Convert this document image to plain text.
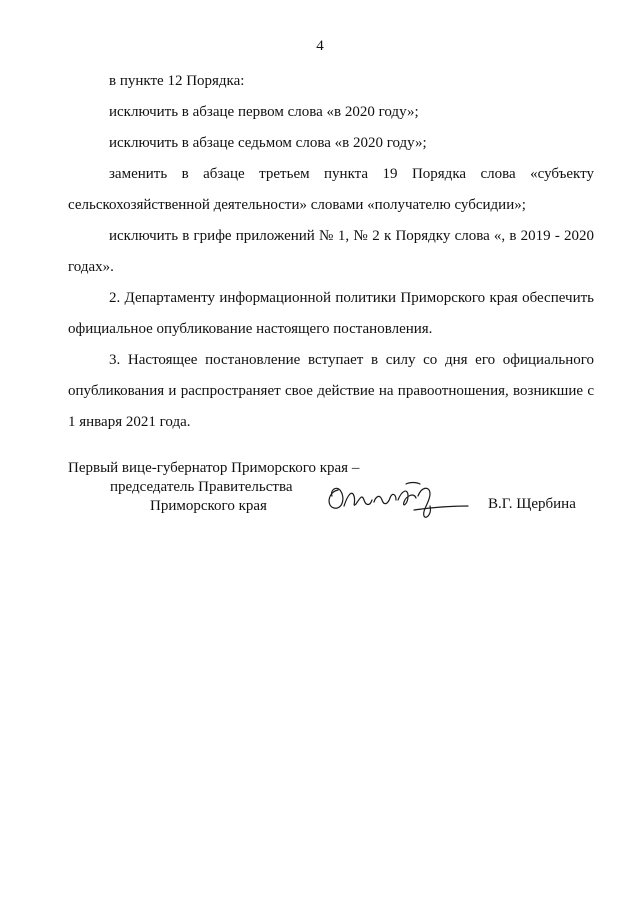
4

в пункте 12 Порядка:

исключить в абзаце первом слова «в 2020 году»;

исключить в абзаце седьмом слова «в 2020 году»;

заменить в абзаце третьем пункта 19 Порядка слова «субъекту сельскохозяйственной деятельности» словами «получателю субсидии»;

исключить в грифе приложений № 1, № 2 к Порядку слова «, в 2019 - 2020 годах».

2. Департаменту информационной политики Приморского края обеспечить официальное опубликование настоящего постановления.

3. Настоящее постановление вступает в силу со дня его официального опубликования и распространяет свое действие на правоотношения, возникшие с 1 января 2021 года.

Первый вице-губернатор Приморского края –
председатель Правительства
Приморского края	В.Г. Щербина
